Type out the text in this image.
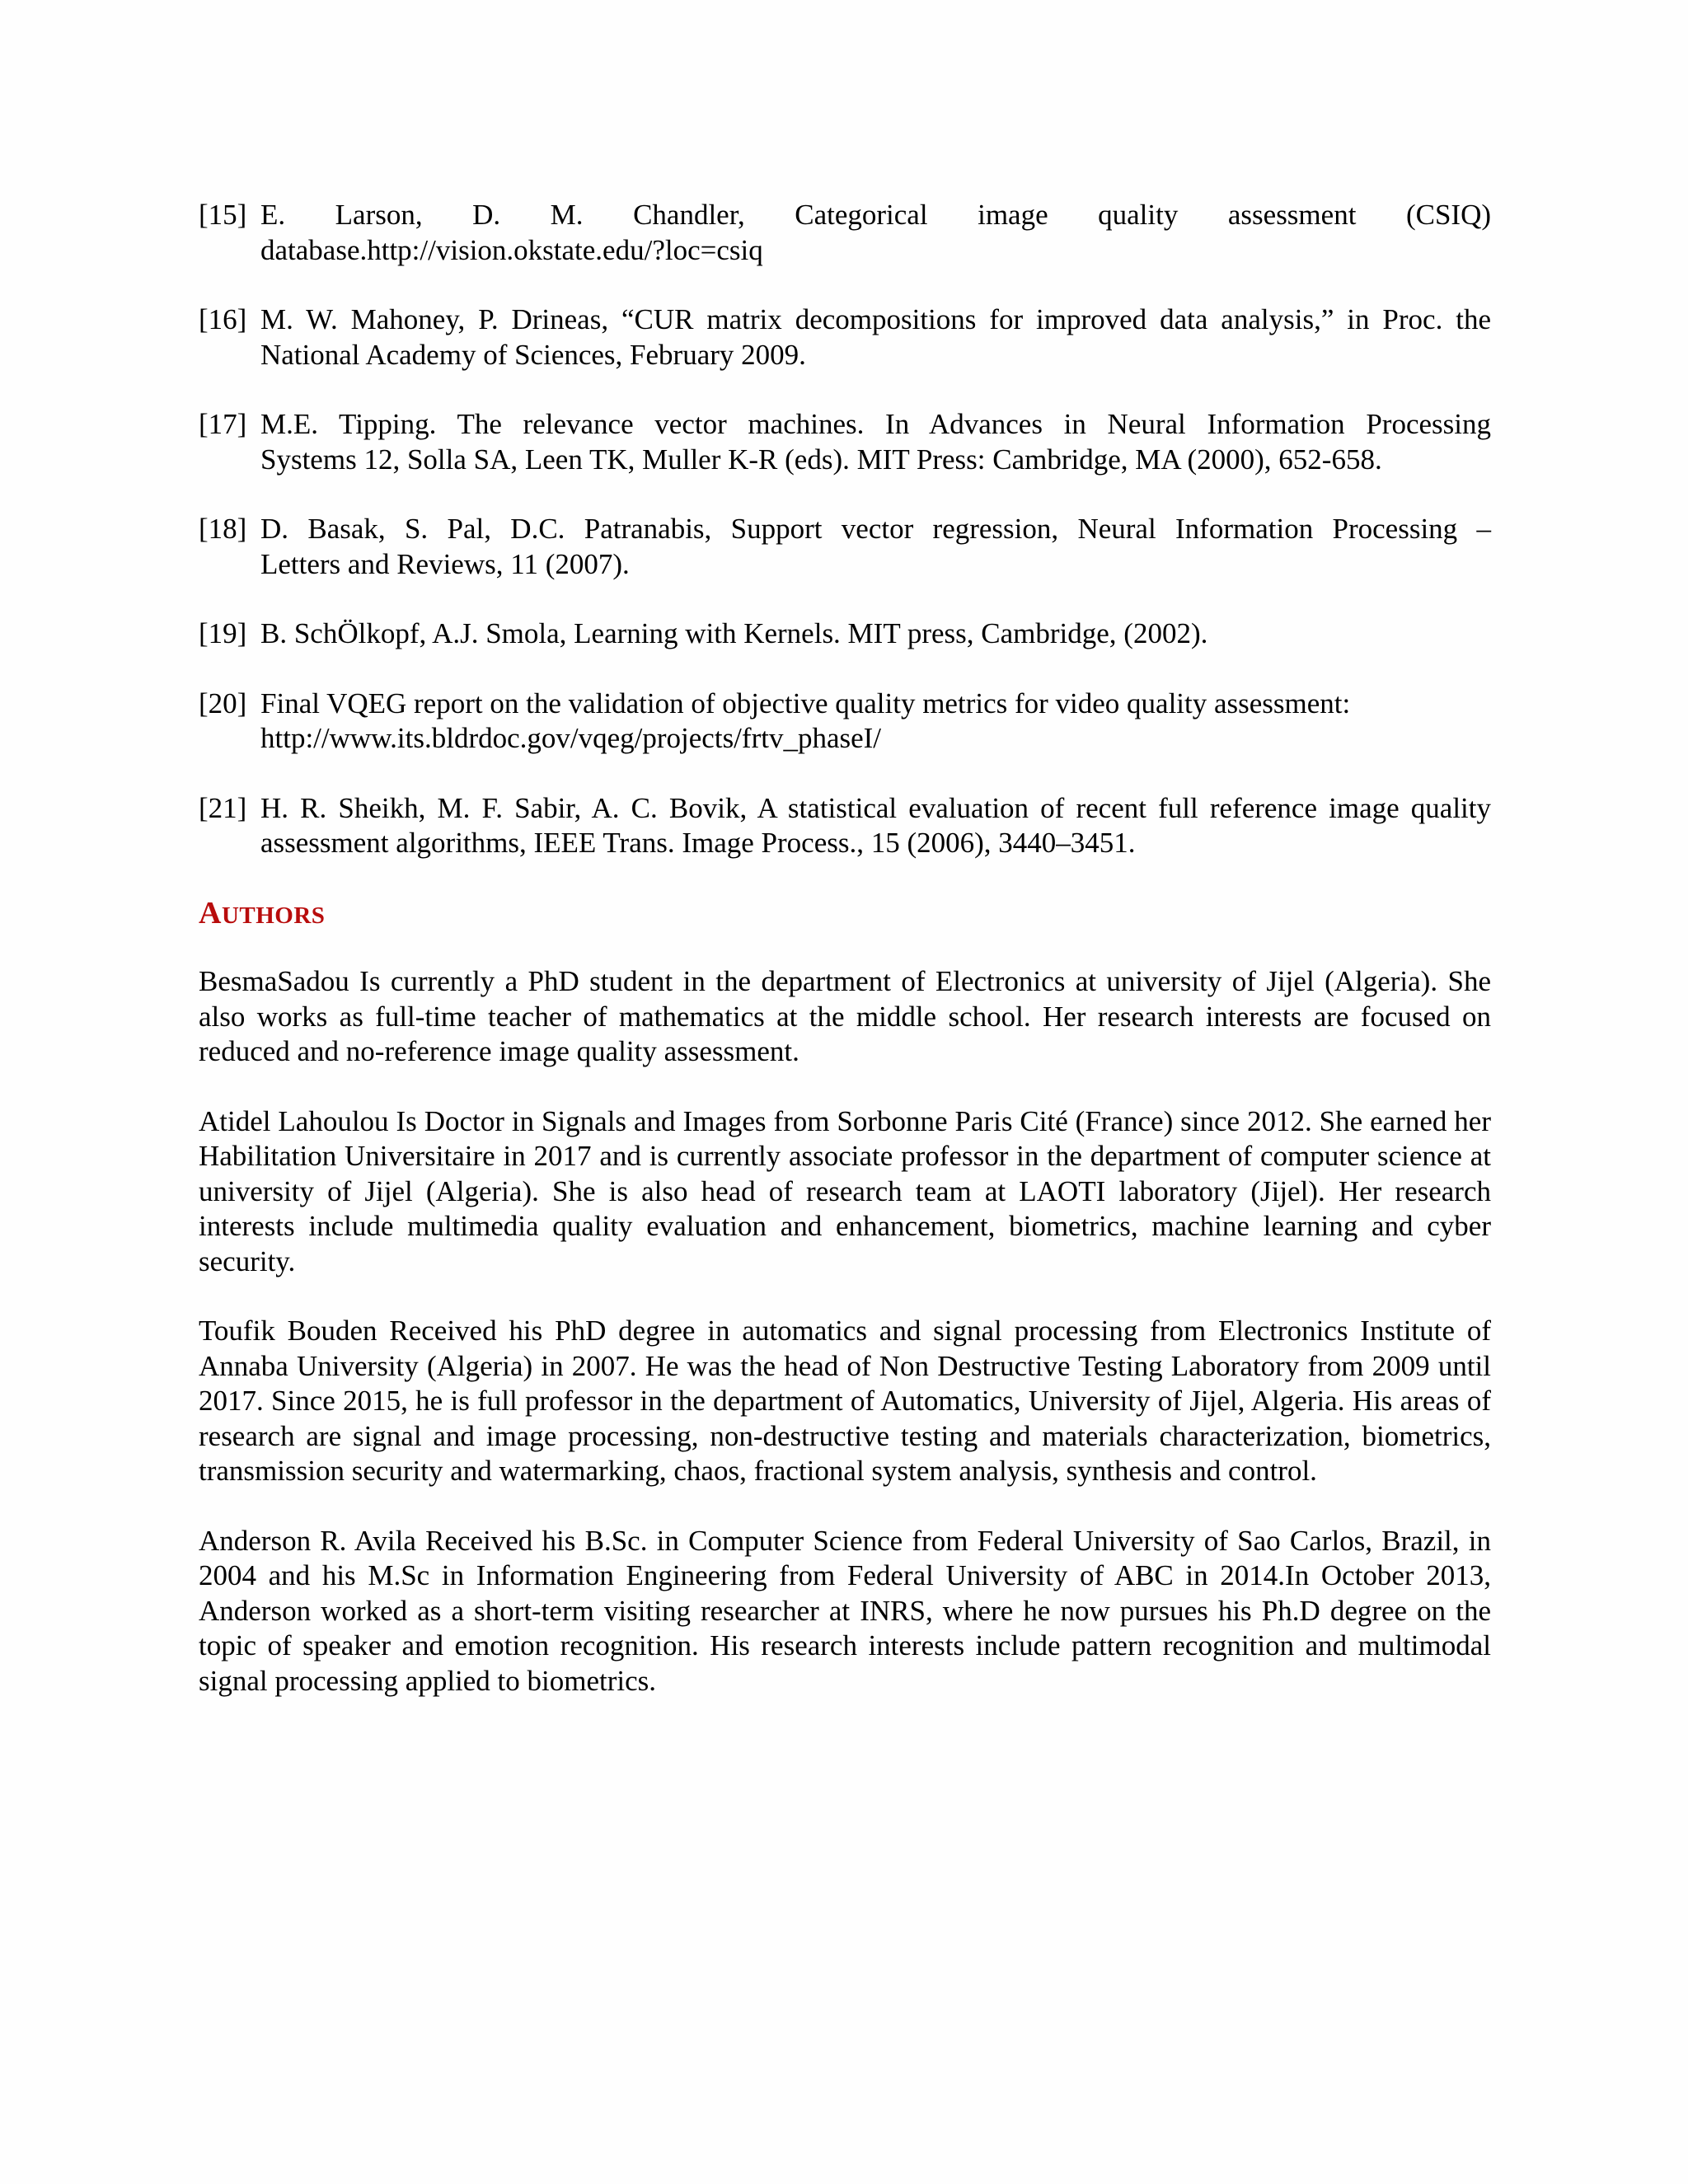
[15] E. Larson, D. M. Chandler, Categorical image quality assessment (CSIQ)
database.http://vision.okstate.edu/?loc=csiq
[16] M. W. Mahoney, P. Drineas, “CUR matrix decompositions for improved data analysis,” in Proc. the
National Academy of Sciences, February 2009.
[17] M.E. Tipping. The relevance vector machines. In Advances in Neural Information Processing
Systems 12, Solla SA, Leen TK, Muller K-R (eds). MIT Press: Cambridge, MA (2000), 652-658.
[18] D. Basak, S. Pal, D.C. Patranabis, Support vector regression, Neural Information Processing –
Letters and Reviews, 11 (2007).
[19] B. SchÖlkopf, A.J. Smola, Learning with Kernels. MIT press, Cambridge, (2002).
[20] Final VQEG report on the validation of objective quality metrics for video quality assessment:
http://www.its.bldrdoc.gov/vqeg/projects/frtv_phaseI/
[21] H. R. Sheikh, M. F. Sabir, A. C. Bovik, A statistical evaluation of recent full reference image quality
assessment algorithms, IEEE Trans. Image Process., 15 (2006), 3440–3451.
AUTHORS

BesmaSadou Is currently a PhD student in the department of Electronics at university of Jijel (Algeria). She also works as full-time teacher of mathematics at the middle school. Her research interests are focused on reduced and no-reference image quality assessment.

Atidel Lahoulou Is Doctor in Signals and Images from Sorbonne Paris Cité (France) since 2012. She earned her Habilitation Universitaire in 2017 and is currently associate professor in the department of computer science at university of Jijel (Algeria). She is also head of research team at LAOTI laboratory (Jijel). Her research interests include multimedia quality evaluation and enhancement, biometrics, machine learning and cyber security.

Toufik Bouden Received his PhD degree in automatics and signal processing from Electronics Institute of Annaba University (Algeria) in 2007. He was the head of Non Destructive Testing Laboratory from 2009 until 2017. Since 2015, he is full professor in the department of Automatics, University of Jijel, Algeria. His areas of research are signal and image processing, non-destructive testing and materials characterization, biometrics, transmission security and watermarking, chaos, fractional system analysis, synthesis and control.

Anderson R. Avila Received his B.Sc. in Computer Science from Federal University of Sao Carlos, Brazil, in 2004 and his M.Sc in Information Engineering from Federal University of ABC in 2014.In October 2013, Anderson worked as a short-term visiting researcher at INRS, where he now pursues his Ph.D degree on the topic of speaker and emotion recognition. His research interests include pattern recognition and multimodal signal processing applied to biometrics.
